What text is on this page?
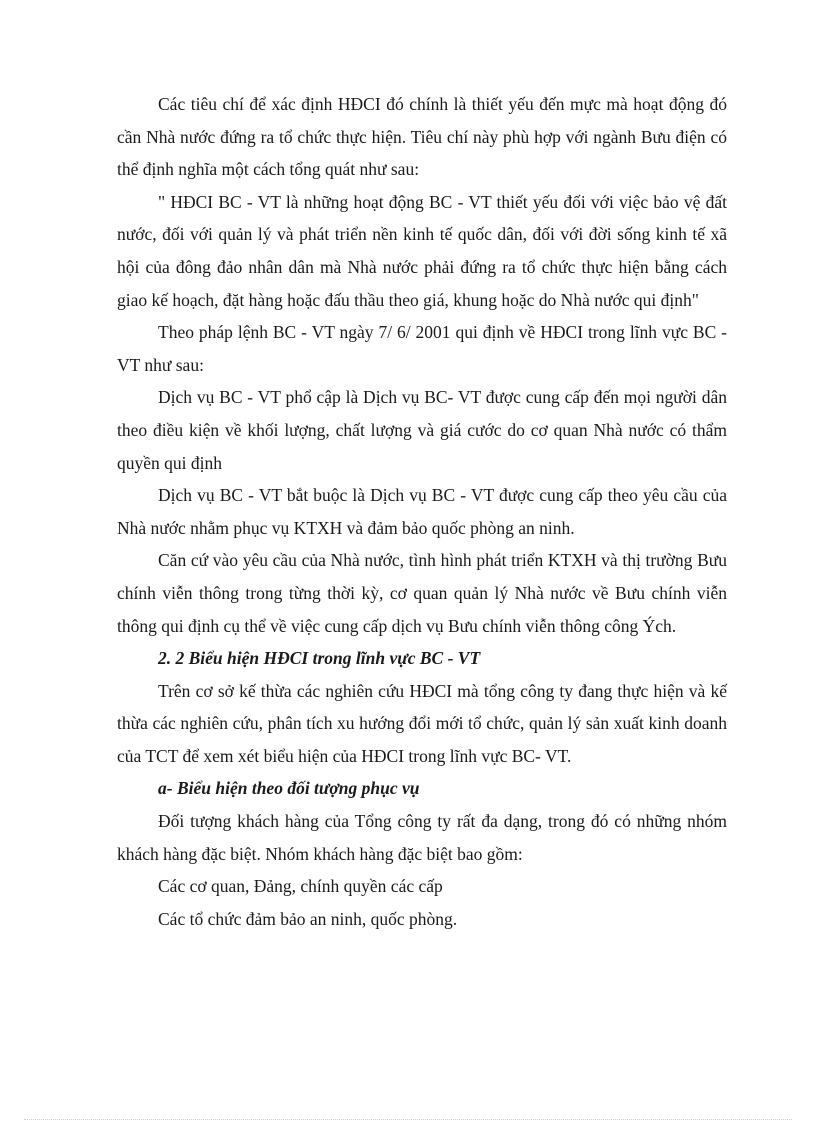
Các tiêu chí để xác định HĐCI đó chính là thiết yếu đến mực mà hoạt động đó cần Nhà nước đứng ra tổ chức thực hiện. Tiêu chí này phù hợp với ngành Bưu điện có thể định nghĩa một cách tổng quát như sau:

" HĐCI BC - VT là những hoạt động BC - VT thiết yếu đối với việc bảo vệ đất nước, đối với quản lý và phát triển nền kinh tế quốc dân, đối với đời sống kinh tế xã hội của đông đảo nhân dân mà Nhà nước phải đứng ra tổ chức thực hiện bằng cách giao kế hoạch, đặt hàng hoặc đấu thầu theo giá, khung hoặc do Nhà nước qui định"

Theo pháp lệnh BC - VT ngày 7/ 6/ 2001 qui định về HĐCI trong lĩnh vực BC - VT như sau:

Dịch vụ BC - VT phổ cập là Dịch vụ BC- VT được cung cấp đến mọi người dân theo điều kiện về khối lượng, chất lượng và giá cước do cơ quan Nhà nước có thẩm quyền qui định

Dịch vụ BC - VT bắt buộc là Dịch vụ BC - VT được cung cấp theo yêu cầu của Nhà nước nhằm phục vụ KTXH và đảm bảo quốc phòng an ninh.

Căn cứ vào yêu cầu của Nhà nước, tình hình phát triển KTXH và thị trường Bưu chính viễn thông trong từng thời kỳ, cơ quan quản lý Nhà nước về Bưu chính viễn thông qui định cụ thể về việc cung cấp dịch vụ Bưu chính viễn thông công Ých.

2. 2 Biểu hiện HĐCI trong lĩnh vực BC - VT

Trên cơ sở kế thừa các nghiên cứu HĐCI mà tổng công ty đang thực hiện và kế thừa các nghiên cứu, phân tích xu hướng đổi mới tổ chức, quản lý sản xuất kinh doanh của TCT để xem xét biểu hiện của HĐCI trong lĩnh vực BC- VT.

a- Biểu hiện theo đối tượng phục vụ

Đối tượng khách hàng của Tổng công ty rất đa dạng, trong đó có những nhóm khách hàng đặc biệt. Nhóm khách hàng đặc biệt bao gồm:

Các cơ quan, Đảng, chính quyền các cấp

Các tổ chức đảm bảo an ninh, quốc phòng.
